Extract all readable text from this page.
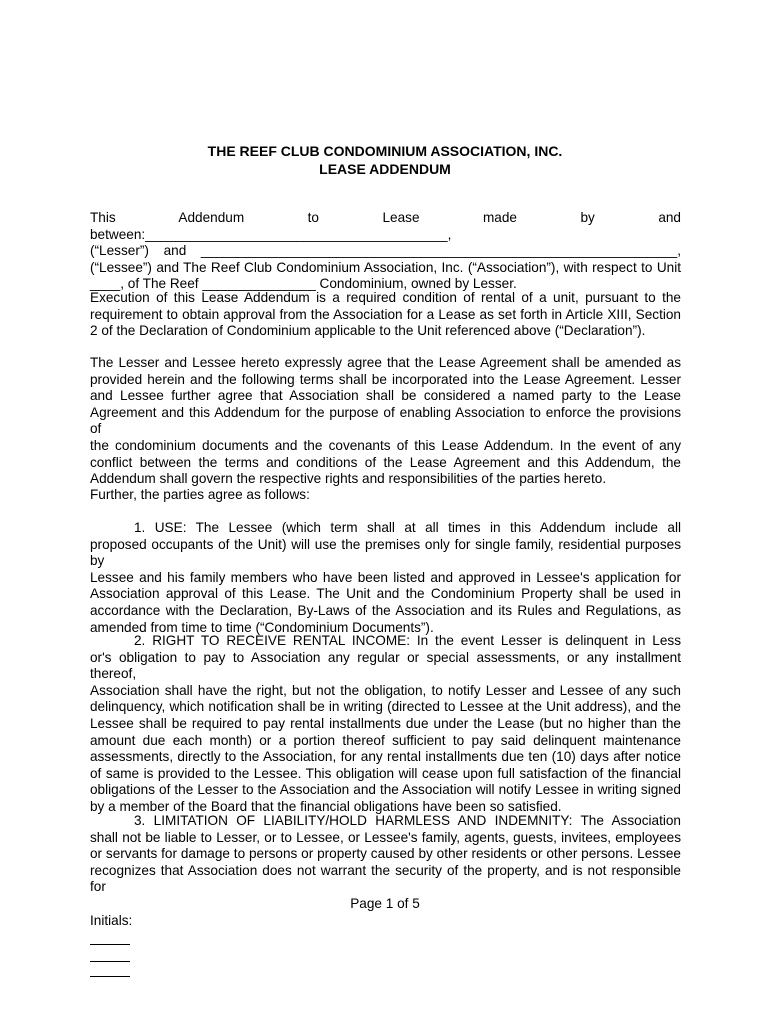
THE REEF CLUB CONDOMINIUM ASSOCIATION, INC.
LEASE ADDENDUM
This Addendum to Lease made by and between:________________________________________,
(“Lesser”) and _______________________________________________________________,
(“Lessee”) and The Reef Club Condominium Association, Inc. (“Association”), with respect to Unit
____, of The Reef _______________ Condominium, owned by Lesser.
Execution of this Lease Addendum is a required condition of rental of a unit, pursuant to the
requirement to obtain approval from the Association for a Lease as set forth in Article XIII, Section
2 of the Declaration of Condominium applicable to the Unit referenced above (“Declaration”).
The Lesser and Lessee hereto expressly agree that the Lease Agreement shall be amended as
provided herein and the following terms shall be incorporated into the Lease Agreement. Lesser
and Lessee further agree that Association shall be considered a named party to the Lease
Agreement and this Addendum for the purpose of enabling Association to enforce the provisions of
the condominium documents and the covenants of this Lease Addendum. In the event of any
conflict between the terms and conditions of the Lease Agreement and this Addendum, the
Addendum shall govern the respective rights and responsibilities of the parties hereto.
Further, the parties agree as follows:
1. USE: The Lessee (which term shall at all times in this Addendum include all
proposed occupants of the Unit) will use the premises only for single family, residential purposes by
Lessee and his family members who have been listed and approved in Lessee's application for
Association approval of this Lease. The Unit and the Condominium Property shall be used in
accordance with the Declaration, By-Laws of the Association and its Rules and Regulations, as
amended from time to time (“Condominium Documents”).
2. RIGHT TO RECEIVE RENTAL INCOME: In the event Lesser is delinquent in Less
or's obligation to pay to Association any regular or special assessments, or any installment thereof,
Association shall have the right, but not the obligation, to notify Lesser and Lessee of any such
delinquency, which notification shall be in writing (directed to Lessee at the Unit address), and the
Lessee shall be required to pay rental installments due under the Lease (but no higher than the
amount due each month) or a portion thereof sufficient to pay said delinquent maintenance
assessments, directly to the Association, for any rental installments due ten (10) days after notice
of same is provided to the Lessee. This obligation will cease upon full satisfaction of the financial
obligations of the Lesser to the Association and the Association will notify Lessee in writing signed
by a member of the Board that the financial obligations have been so satisfied.
3. LIMITATION OF LIABILITY/HOLD HARMLESS AND INDEMNITY: The Association
shall not be liable to Lesser, or to Lessee, or Lessee's family, agents, guests, invitees, employees
or servants for damage to persons or property caused by other residents or other persons. Lessee
recognizes that Association does not warrant the security of the property, and is not responsible for
Page 1 of 5
Initials:
